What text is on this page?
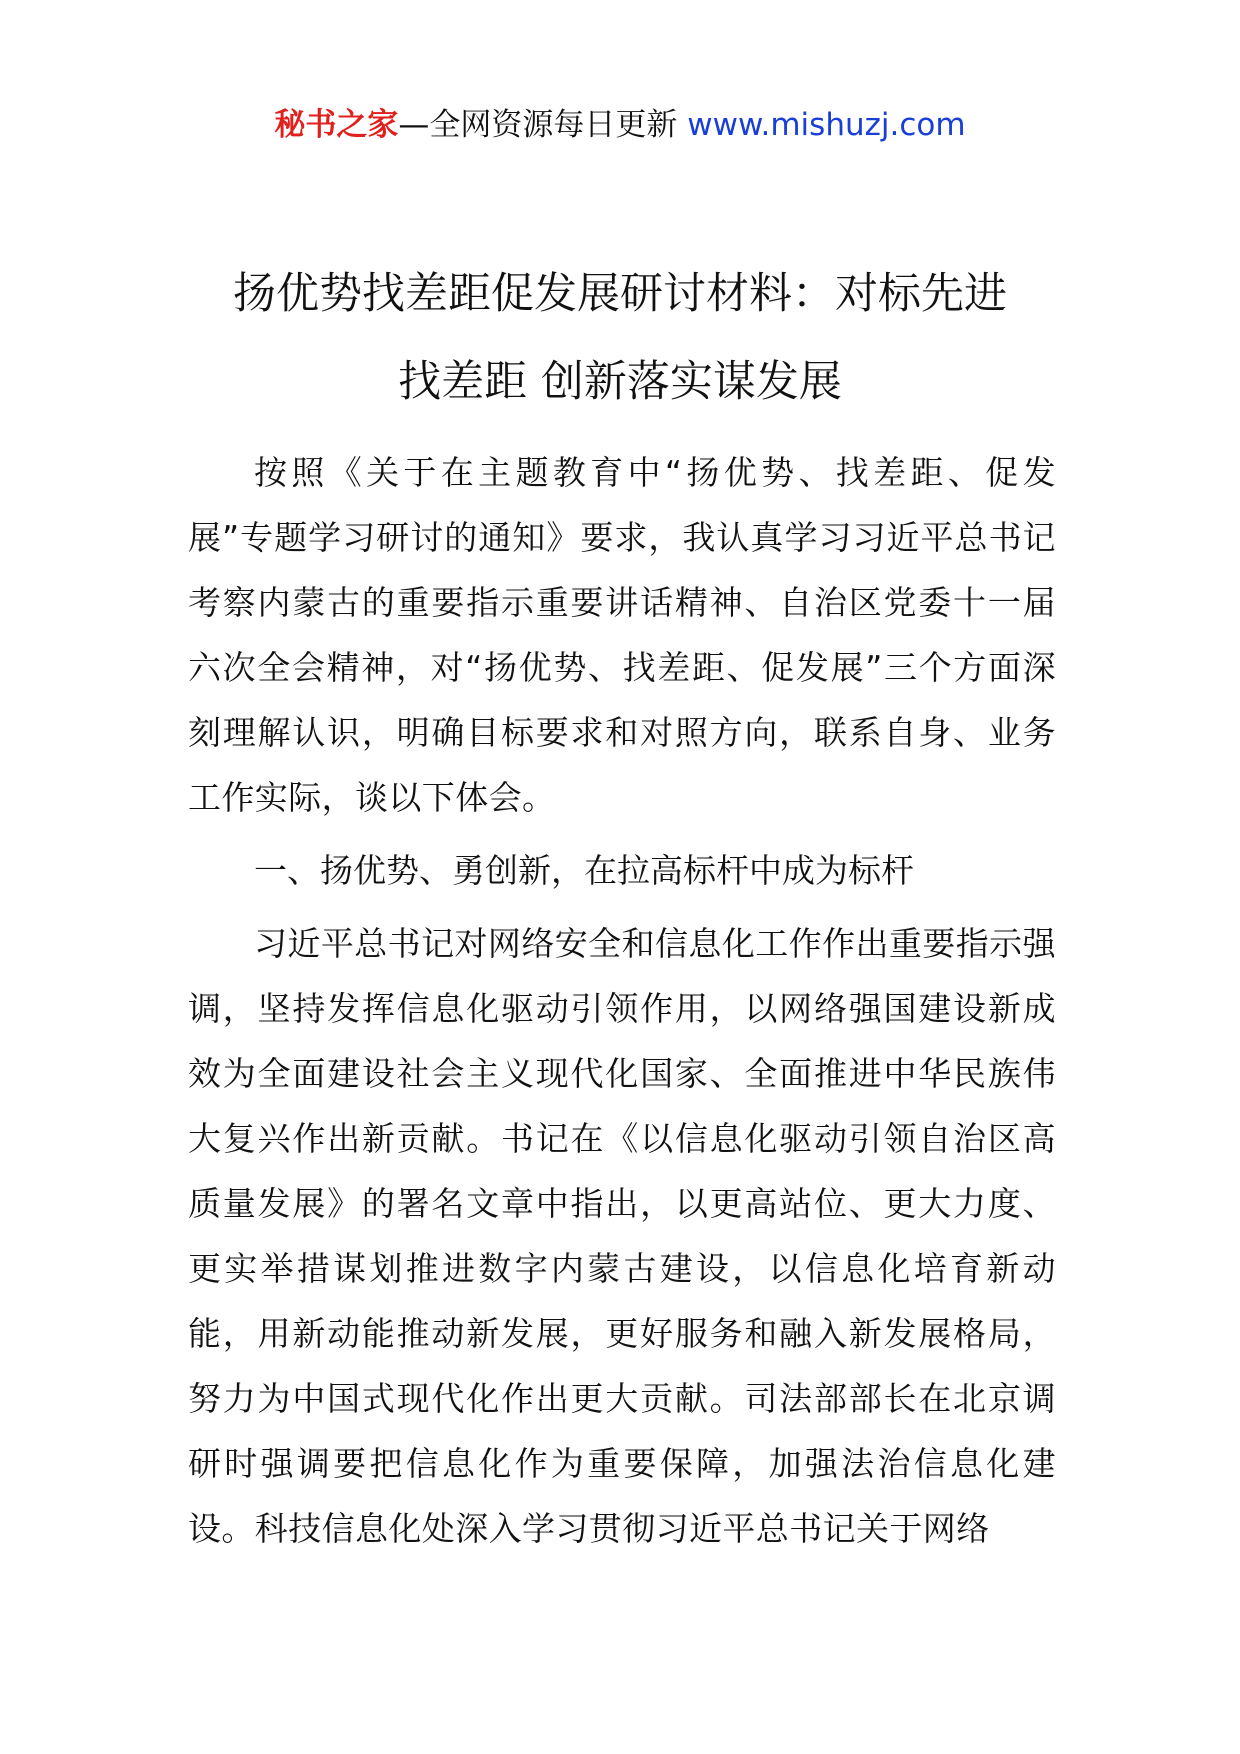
秘书之家—全网资源每日更新 www.mishuzj.com
扬优势找差距促发展研讨材料：对标先进
找差距 创新落实谋发展

按照《关于在主题教育中“扬优势、找差距、促发展”专题学习研讨的通知》要求，我认真学习习近平总书记考察内蒙古的重要指示重要讲话精神、自治区党委十一届六次全会精神，对“扬优势、找差距、促发展”三个方面深刻理解认识，明确目标要求和对照方向，联系自身、业务工作实际，谈以下体会。

一、扬优势、勇创新，在拉高标杆中成为标杆

习近平总书记对网络安全和信息化工作作出重要指示强调，坚持发挥信息化驱动引领作用，以网络强国建设新成效为全面建设社会主义现代化国家、全面推进中华民族伟大复兴作出新贡献。书记在《以信息化驱动引领自治区高质量发展》的署名文章中指出，以更高站位、更大力度、更实举措谋划推进数字内蒙古建设，以信息化培育新动能，用新动能推动新发展，更好服务和融入新发展格局，努力为中国式现代化作出更大贡献。司法部部长在北京调研时强调要把信息化作为重要保障，加强法治信息化建设。科技信息化处深入学习贯彻习近平总书记关于网络
